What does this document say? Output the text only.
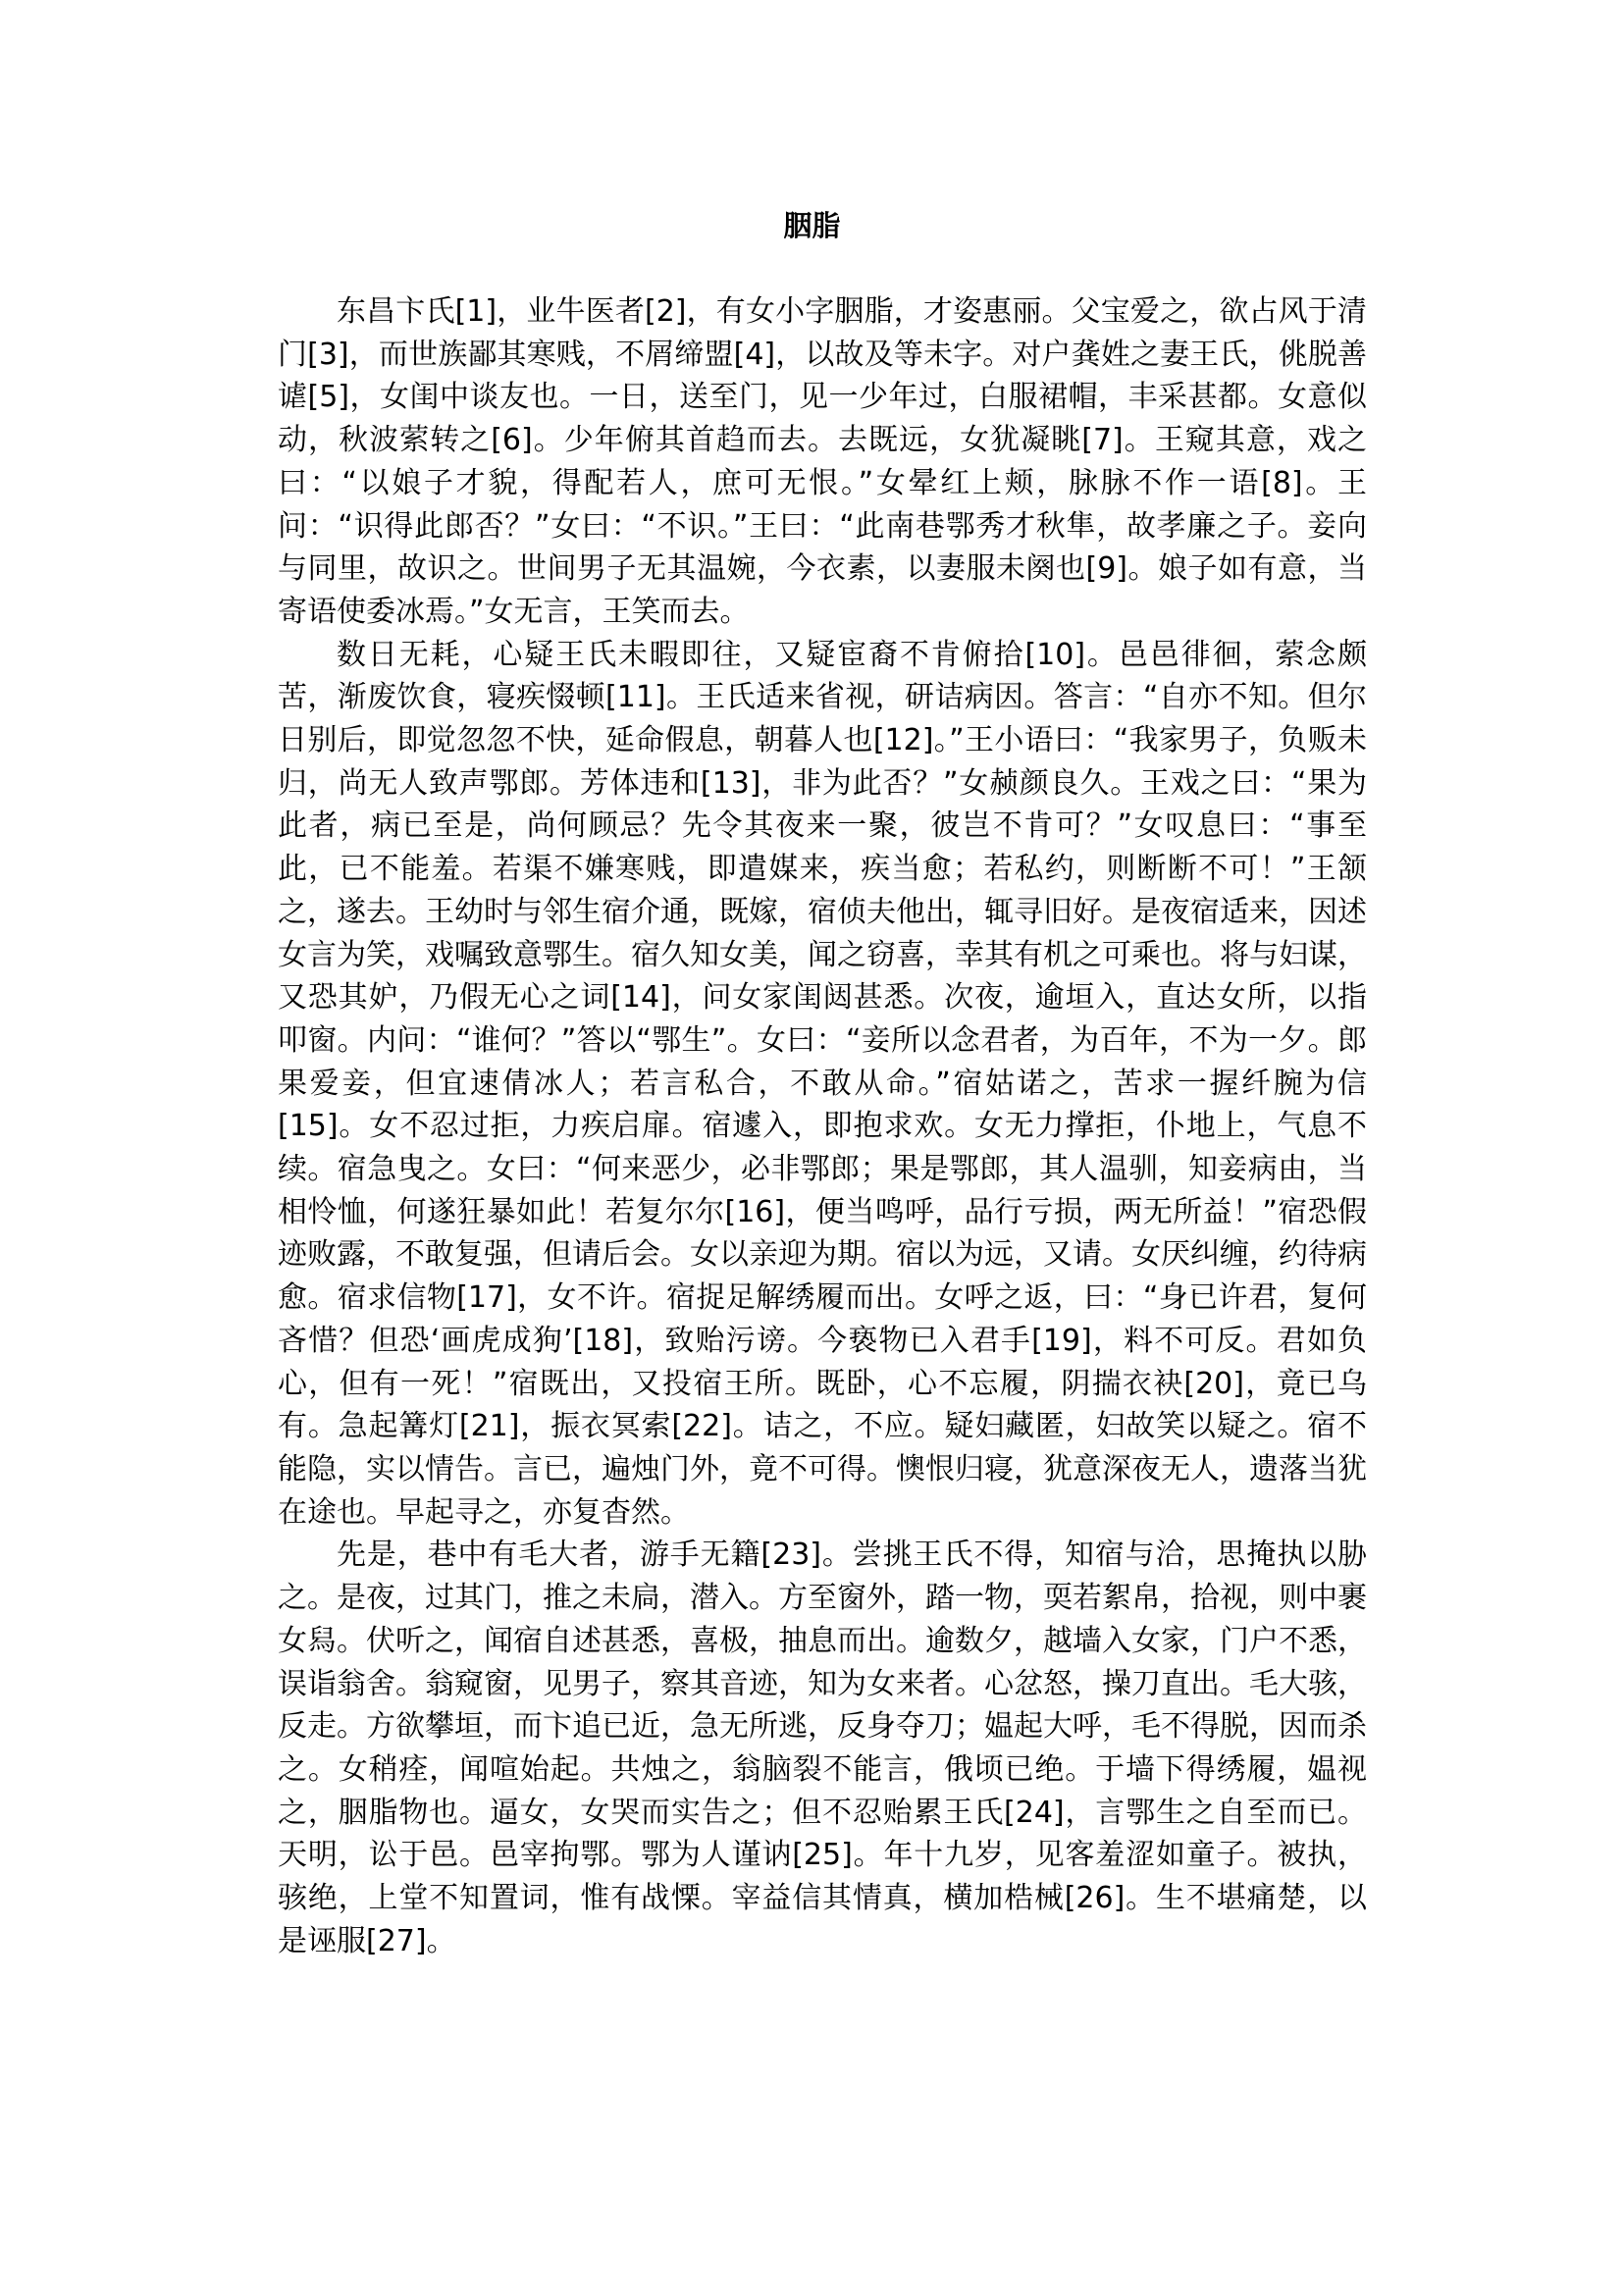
胭脂

东昌卞氏[1]，业牛医者[2]，有女小字胭脂，才姿惠丽。父宝爱之，欲占风于清门[3]，而世族鄙其寒贱，不屑缔盟[4]，以故及等未字。对户龚姓之妻王氏，佻脱善谑[5]，女闺中谈友也。一日，送至门，见一少年过，白服裙帽，丰采甚都。女意似动，秋波萦转之[6]。少年俯其首趋而去。去既远，女犹凝眺[7]。王窥其意，戏之曰：“以娘子才貌，得配若人，庶可无恨。”女晕红上颊，脉脉不作一语[8]。王问：“识得此郎否？”女曰：“不识。”王曰：“此南巷鄂秀才秋隼，故孝廉之子。妾向与同里，故识之。世间男子无其温婉，今衣素，以妻服未阕也[9]。娘子如有意，当寄语使委冰焉。”女无言，王笑而去。

数日无耗，心疑王氏未暇即往，又疑宦裔不肯俯拾[10]。邑邑徘徊，萦念颇苦，渐废饮食，寝疾惙顿[11]。王氏适来省视，研诘病因。答言：“自亦不知。但尔日别后，即觉忽忽不快，延命假息，朝暮人也[12]。”王小语曰：“我家男子，负贩未归，尚无人致声鄂郎。芳体违和[13]，非为此否？”女赪颜良久。王戏之曰：“果为此者，病已至是，尚何顾忌？先令其夜来一聚，彼岂不肯可？”女叹息曰：“事至此，已不能羞。若渠不嫌寒贱，即遣媒来，疾当愈；若私约，则断断不可！”王颔之，遂去。王幼时与邻生宿介通，既嫁，宿侦夫他出，辄寻旧好。是夜宿适来，因述女言为笑，戏嘱致意鄂生。宿久知女美，闻之窃喜，幸其有机之可乘也。将与妇谋，又恐其妒，乃假无心之词[14]，问女家闺闼甚悉。次夜，逾垣入，直达女所，以指叩窗。内问：“谁何？”答以“鄂生”。女曰：“妾所以念君者，为百年，不为一夕。郎果爱妾，但宜速倩冰人；若言私合，不敢从命。”宿姑诺之，苦求一握纤腕为信[15]。女不忍过拒，力疾启扉。宿遽入，即抱求欢。女无力撑拒，仆地上，气息不续。宿急曳之。女曰：“何来恶少，必非鄂郎；果是鄂郎，其人温驯，知妾病由，当相怜恤，何遂狂暴如此！若复尔尔[16]，便当鸣呼，品行亏损，两无所益！”宿恐假迹败露，不敢复强，但请后会。女以亲迎为期。宿以为远，又请。女厌纠缠，约待病愈。宿求信物[17]，女不许。宿捉足解绣履而出。女呼之返，曰：“身已许君，复何吝惜？但恐‘画虎成狗’[18]，致贻污谤。今亵物已入君手[19]，料不可反。君如负心，但有一死！”宿既出，又投宿王所。既卧，心不忘履，阴揣衣袂[20]，竟已乌有。急起篝灯[21]，振衣冥索[22]。诘之，不应。疑妇藏匿，妇故笑以疑之。宿不能隐，实以情告。言已，遍烛门外，竟不可得。懊恨归寝，犹意深夜无人，遗落当犹在途也。早起寻之，亦复杳然。

先是，巷中有毛大者，游手无籍[23]。尝挑王氏不得，知宿与洽，思掩执以胁之。是夜，过其门，推之未扃，潜入。方至窗外，踏一物，耎若絮帛，拾视，则中裹女舄。伏听之，闻宿自述甚悉，喜极，抽息而出。逾数夕，越墙入女家，门户不悉，误诣翁舍。翁窥窗，见男子，察其音迹，知为女来者。心忿怒，操刀直出。毛大骇，反走。方欲攀垣，而卞追已近，急无所逃，反身夺刀；媪起大呼，毛不得脱，因而杀之。女稍痊，闻喧始起。共烛之，翁脑裂不能言，俄顷已绝。于墙下得绣履，媪视之，胭脂物也。逼女，女哭而实告之；但不忍贻累王氏[24]，言鄂生之自至而已。天明，讼于邑。邑宰拘鄂。鄂为人谨讷[25]。年十九岁，见客羞涩如童子。被执，骇绝，上堂不知置词，惟有战慄。宰益信其情真，横加梏械[26]。生不堪痛楚，以是诬服[27]。
